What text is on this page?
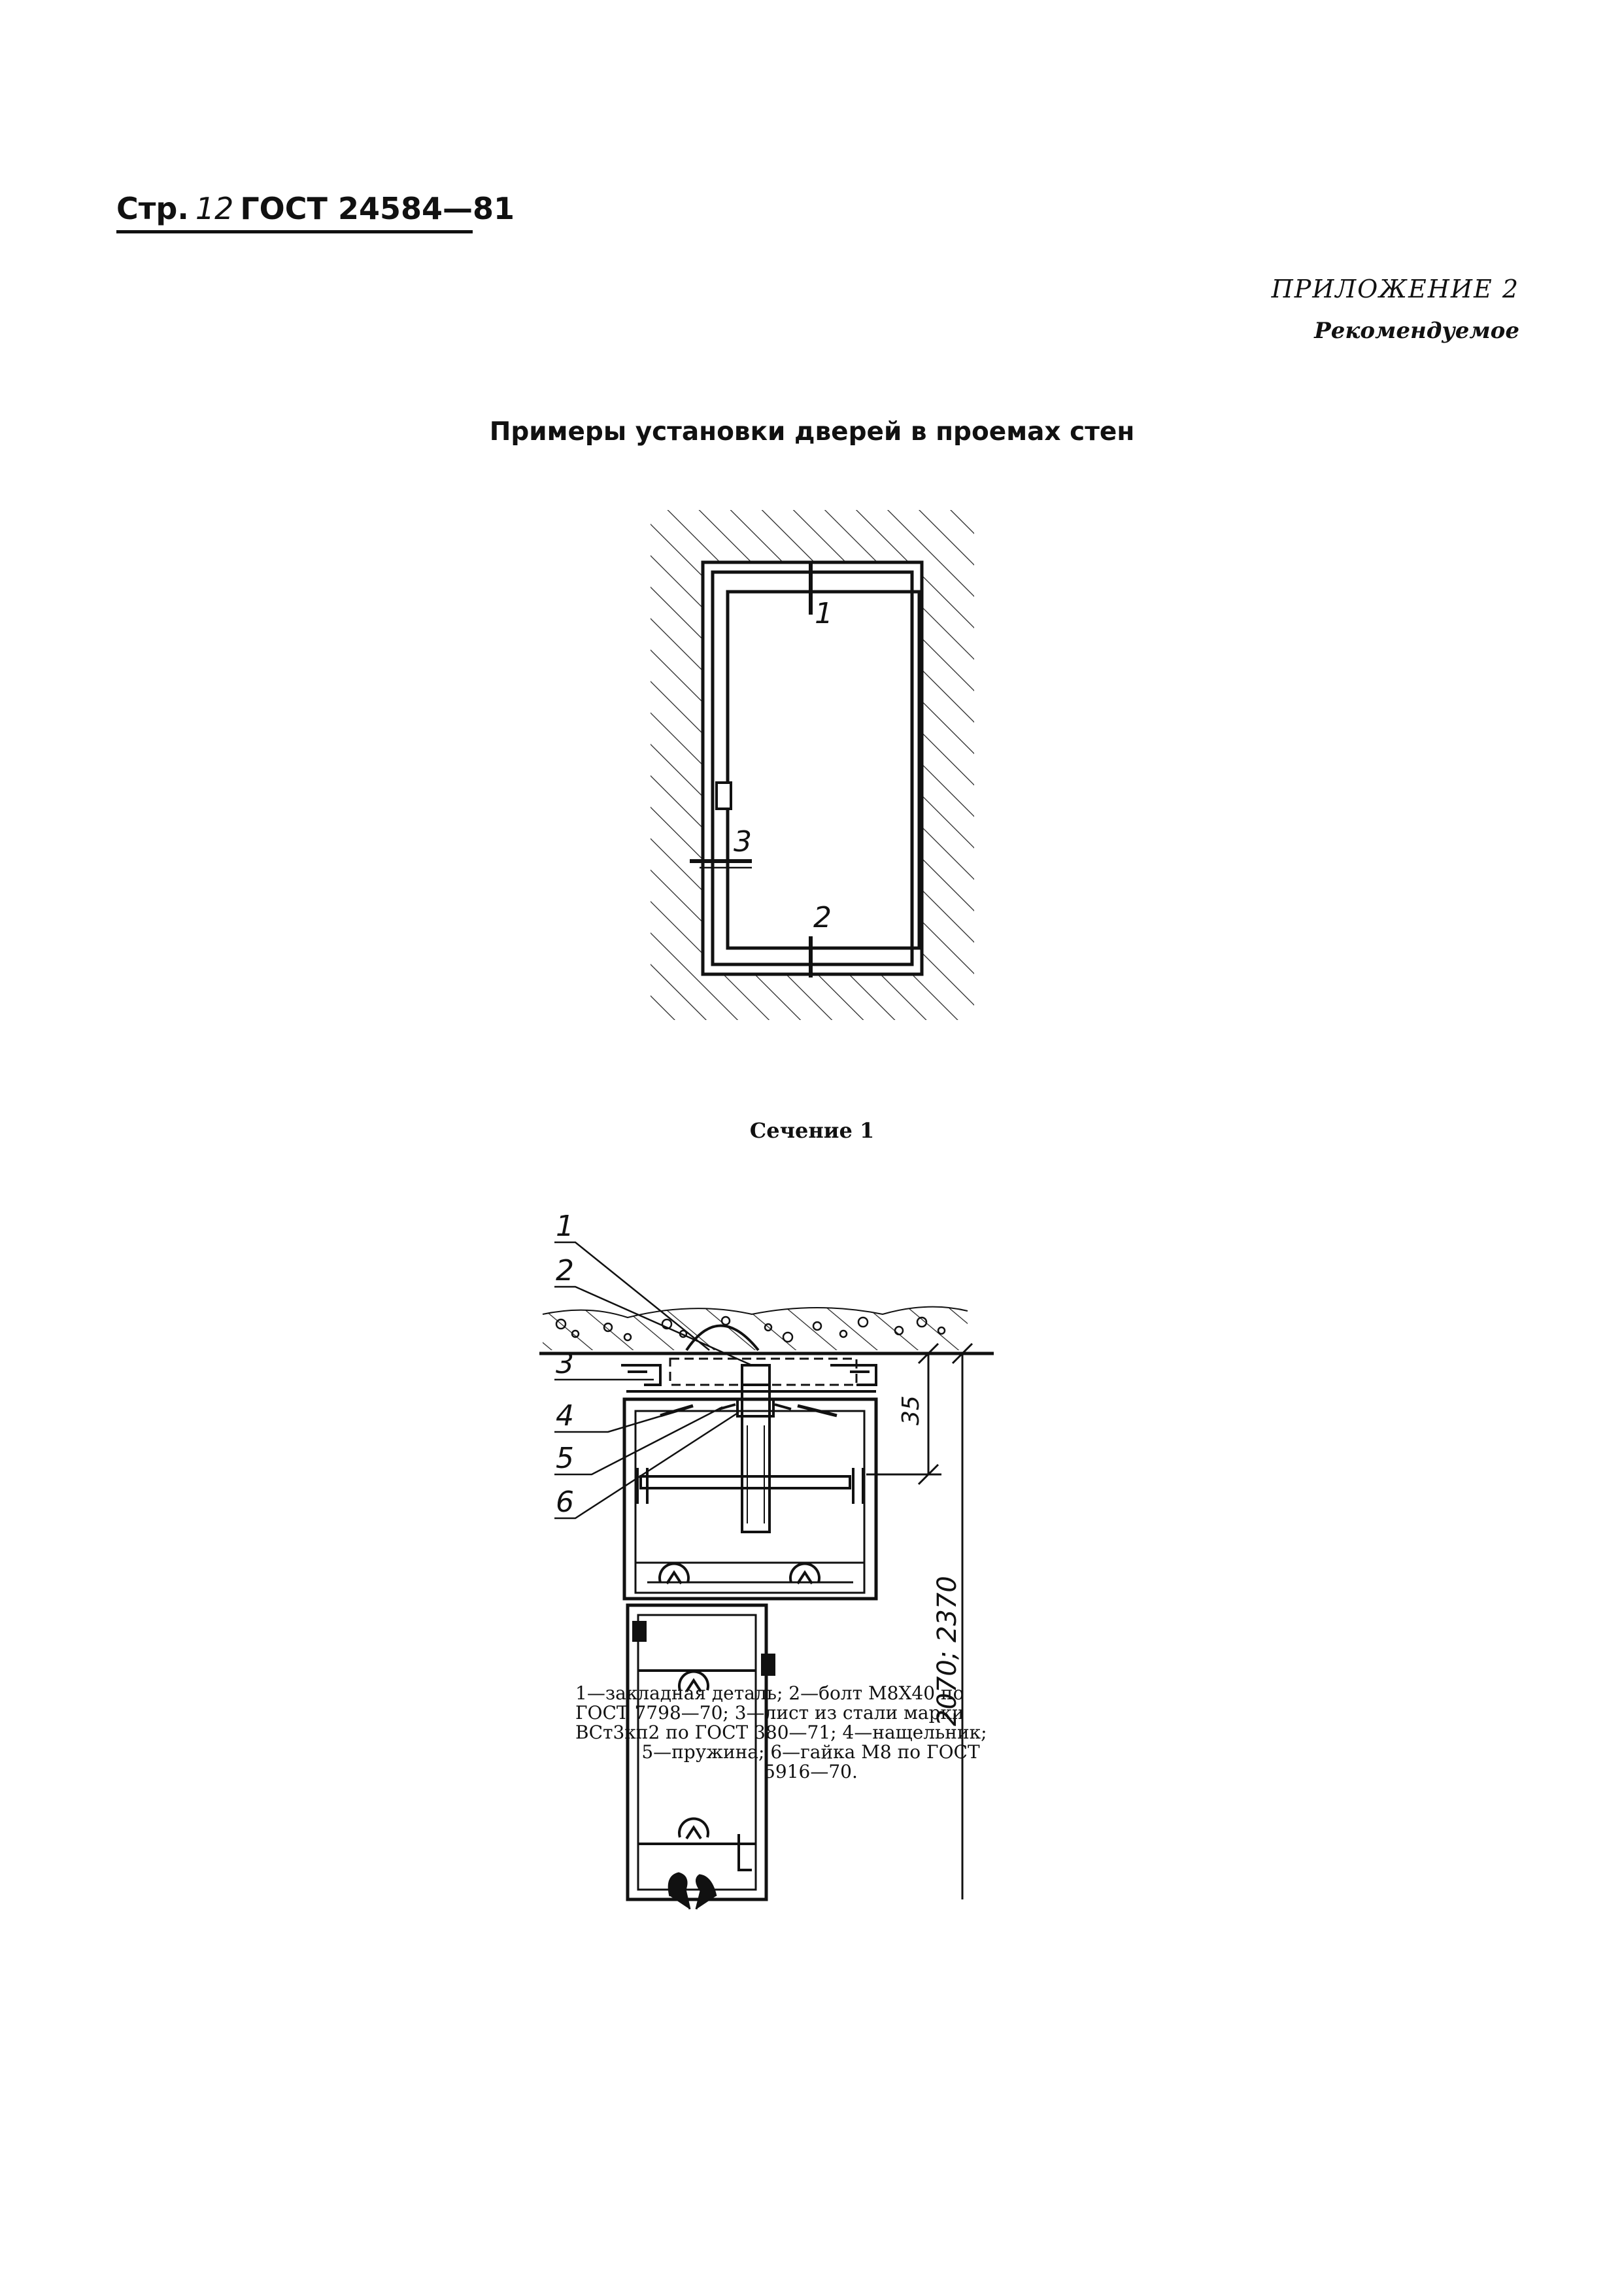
Стр. 12 ГОСТ 24584—81
ПРИЛОЖЕНИЕ 2
Рекомендуемое
Примеры установки дверей в проемах стен
1
2
3
1
2
3
4
5
6
35
2070; 2370
Сечение 1
1—закладная деталь; 2—болт М8Х40 по
ГОСТ 7798—70; 3—лист из стали марки
ВСт3кп2 по ГОСТ 380—71; 4—нащельник;
5—пружина; 6—гайка М8 по ГОСТ
5916—70.
